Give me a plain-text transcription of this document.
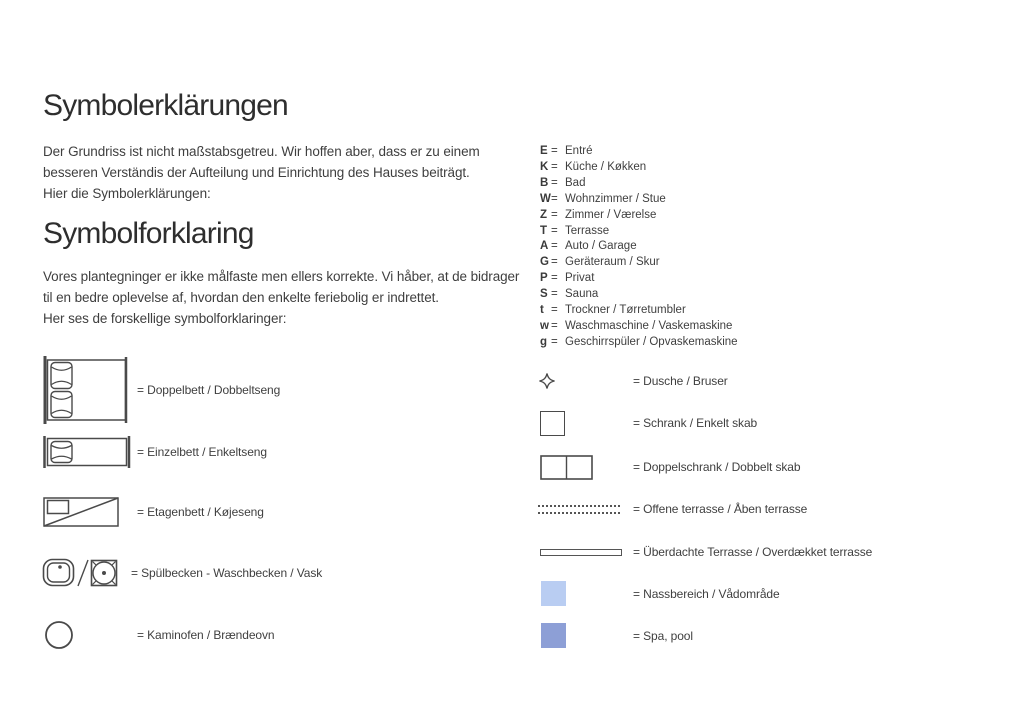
Symbolerklärungen
Der Grundriss ist nicht maßstabsgetreu. Wir hoffen aber, dass er zu einem
besseren Verständis der Aufteilung und Einrichtung des Hauses beiträgt.
Hier die Symbolerklärungen:
Symbolforklaring
Vores plantegninger er ikke målfaste men ellers korrekte. Vi håber, at de bidrager
til en bedre oplevelse af, hvordan den enkelte feriebolig er indrettet.
Her ses de forskellige symbolforklaringer:
E = Entré
K = Küche / Køkken
B = Bad
W = Wohnzimmer / Stue
Z = Zimmer / Værelse
T = Terrasse
A = Auto / Garage
G = Geräteraum / Skur
P = Privat
S = Sauna
t = Trockner / Tørretumbler
w = Waschmaschine / Vaskemaskine
g = Geschirrspüler / Opvaskemaskine
= Doppelbett / Dobbeltseng
= Einzelbett / Enkeltseng
= Etagenbett / Køjeseng
= Spülbecken - Waschbecken / Vask
= Kaminofen / Brændeovn
= Dusche / Bruser
= Schrank / Enkelt skab
= Doppelschrank / Dobbelt skab
= Offene terrasse / Åben terrasse
= Überdachte Terrasse / Overdækket terrasse
= Nassbereich / Vådområde
= Spa, pool
